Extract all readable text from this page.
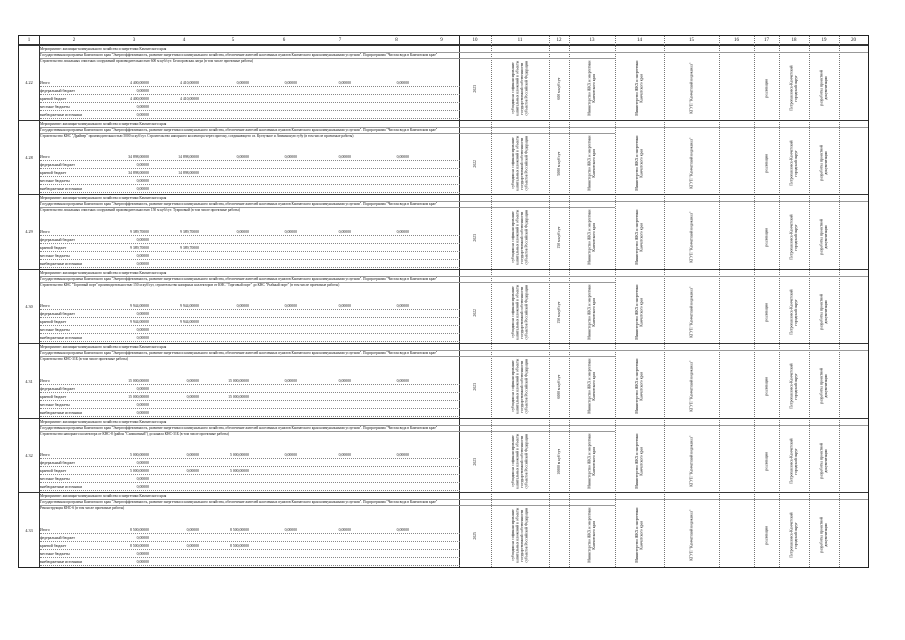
1	2	3	4	5	6	7	8	9	10	11	12	13	14	15	16	17	18	19	20
Мероприятие: жилищно-коммунального хозяйства и энергетики Камчатского края
Государственная программа Камчатского края "Энергоэффективность, развитие энергетики и коммунального хозяйства, обеспечение жителей населенных пунктов Камчатского края коммунальными услугами". Подпрограмма "Чистая вода в Камчатском крае"
Строительство локальных очистных сооружений производительностью 600 м куб/сут. Беспоровская лагра (в том числе проектные работы)
4.22	Итого	4 400,00000	4 410,00000	0,00000	0,00000	0,00000	0,00000
федеральный бюджет	0,00000
краевой бюджет	4 400,00000	4 410,00000
местные бюджеты	0,00000
внебюджетные источники	0,00000
2023	субсидии на софинансирование капитальных вложений в объекты государственной собственности субъектов Российской Федерации	600 м куб/сут	Министерство ЖКХ и энергетики Камчатского края	Министерство ЖКХ и энергетики Камчатского края	КГУП "Камчатский водоканал"	реализация	Петропавловск-Камчатский городской округ	разработка проектной документации
Мероприятие: жилищно-коммунального хозяйства и энергетики Камчатского края
Государственная программа Камчатского края "Энергоэффективность, развитие энергетики и коммунального хозяйства, обеспечение жителей населенных пунктов Камчатского края коммунальными услугами". Подпрограмма "Чистая вода в Камчатском крае"
Строительство КНС "Драйвер" производительностью 5000 м куб/сут. Строительство напорного коллектора через протоку, соединяющего оз. Култучное и Авачинскую губу (в том числе проектные работы)
4.28	Итого	34 898,00000	14 898,00000	0,00000	0,00000	0,00000	0,00000
федеральный бюджет	0,00000
краевой бюджет	34 898,00000	14 898,00000
местные бюджеты	0,00000
внебюджетные источники	0,00000
2022	субсидии на софинансирование капитальных вложений в объекты государственной собственности субъектов Российской Федерации	5000 м куб/сут	Министерство ЖКХ и энергетики Камчатского края	Министерство ЖКХ и энергетики Камчатского края	КГУП "Камчатский водоканал"	реализация	Петропавловск-Камчатский городской округ	разработка проектной документации
Мероприятие: жилищно-коммунального хозяйства и энергетики Камчатского края
Государственная программа Камчатского края "Энергоэффективность, развитие энергетики и коммунального хозяйства, обеспечение жителей населенных пунктов Камчатского края коммунальными услугами". Подпрограмма "Чистая вода в Камчатском крае"
Строительство локальных очистных сооружений производительностью 150 м куб/сут. Туарповый (в том числе проектные работы)
4.29	Итого	9 389,70000	9 389,70000	0,00000	0,00000	0,00000	0,00000
федеральный бюджет	0,00000
краевой бюджет	9 389,70000	9 389,70000
местные бюджеты	0,00000
внебюджетные источники	0,00000
2023	субсидии на софинансирование капитальных вложений в объекты государственной собственности субъектов Российской Федерации	150 м куб/сут	Министерство ЖКХ и энергетики Камчатского края	Министерство ЖКХ и энергетики Камчатского края	КГУП "Камчатский водоканал"	реализация	Петропавловск-Камчатский городской округ	разработка проектной документации
Мероприятие: жилищно-коммунального хозяйства и энергетики Камчатского края
Государственная программа Камчатского края "Энергоэффективность, развитие энергетики и коммунального хозяйства, обеспечение жителей населенных пунктов Камчатского края коммунальными услугами". Подпрограмма "Чистая вода в Камчатском крае"
Строительство КНС "Торговый порт" производительностью 150 м куб/сут, строительство напорных коллекторов от КНС "Торговый порт" до КНС "Рыбный порт" (в том числе проектные работы)
4.30	Итого	9 944,00000	9 944,00000	0,00000	0,00000	0,00000	0,00000
федеральный бюджет	0,00000
краевой бюджет	9 944,00000	9 944,00000
местные бюджеты	0,00000
внебюджетные источники	0,00000
2022	субсидии на софинансирование капитальных вложений в объекты государственной собственности субъектов Российской Федерации	150 м куб/сут	Министерство ЖКХ и энергетики Камчатского края	Министерство ЖКХ и энергетики Камчатского края	КГУП "Камчатский водоканал"	реализация	Петропавловск-Камчатский городской округ	разработка проектной документации
Мероприятие: жилищно-коммунального хозяйства и энергетики Камчатского края
Государственная программа Камчатского края "Энергоэффективность, развитие энергетики и коммунального хозяйства, обеспечение жителей населенных пунктов Камчатского края коммунальными услугами". Подпрограмма "Чистая вода в Камчатском крае"
Строительство КНС-31Б (в том числе проектные работы)
4.31	Итого	15 000,00000	0,00000	15 000,00000	0,00000	0,00000	0,00000
федеральный бюджет	0,00000
краевой бюджет	15 000,00000	0,00000	15 000,00000
местные бюджеты	0,00000
внебюджетные источники	0,00000
2023	субсидии на софинансирование капитальных вложений в объекты государственной собственности субъектов Российской Федерации	6000 м куб/сут	Министерство ЖКХ и энергетики Камчатского края	Министерство ЖКХ и энергетики Камчатского края	КГУП "Камчатский водоканал"	реализация	Петропавловск-Камчатский городской округ	разработка проектной документации
Мероприятие: жилищно-коммунального хозяйства и энергетики Камчатского края
Государственная программа Камчатского края "Энергоэффективность, развитие энергетики и коммунального хозяйства, обеспечение жителей населенных пунктов Камчатского края коммунальными услугами". Подпрограмма "Чистая вода в Камчатском крае"
Строительство напорного коллектора от КНС-8 (район "Силикатный") до канала КНС-31Б (в том числе проектные работы)
4.32	Итого	5 000,00000	0,00000	5 000,00000	0,00000	0,00000	0,00000
федеральный бюджет	0,00000
краевой бюджет	5 000,00000	0,00000	5 000,00000
местные бюджеты	0,00000
внебюджетные источники	0,00000
2023	субсидии на софинансирование капитальных вложений в объекты государственной собственности субъектов Российской Федерации	10000 м куб/сут	Министерство ЖКХ и энергетики Камчатского края	Министерство ЖКХ и энергетики Камчатского края	КГУП "Камчатский водоканал"	реализация	Петропавловск-Камчатский городской округ	разработка проектной документации
Мероприятие: жилищно-коммунального хозяйства и энергетики Камчатского края
Государственная программа Камчатского края "Энергоэффективность, развитие энергетики и коммунального хозяйства, обеспечение жителей населенных пунктов Камчатского края коммунальными услугами". Подпрограмма "Чистая вода в Камчатском крае"
Реконструкция КНС-6 (в том числе проектные работы)
4.33	Итого	8 500,00000	0,00000	8 500,00000	0,00000	0,00000	0,00000
федеральный бюджет	0,00000
краевой бюджет	8 500,00000	0,00000	8 500,00000
местные бюджеты	0,00000
внебюджетные источники	0,00000
2025	субсидии на софинансирование капитальных вложений в объекты государственной собственности субъектов Российской Федерации	Министерство ЖКХ и энергетики Камчатского края	Министерство ЖКХ и энергетики Камчатского края	КГУП "Камчатский водоканал"	реализация	Петропавловск-Камчатский городской округ	разработка проектной документации
